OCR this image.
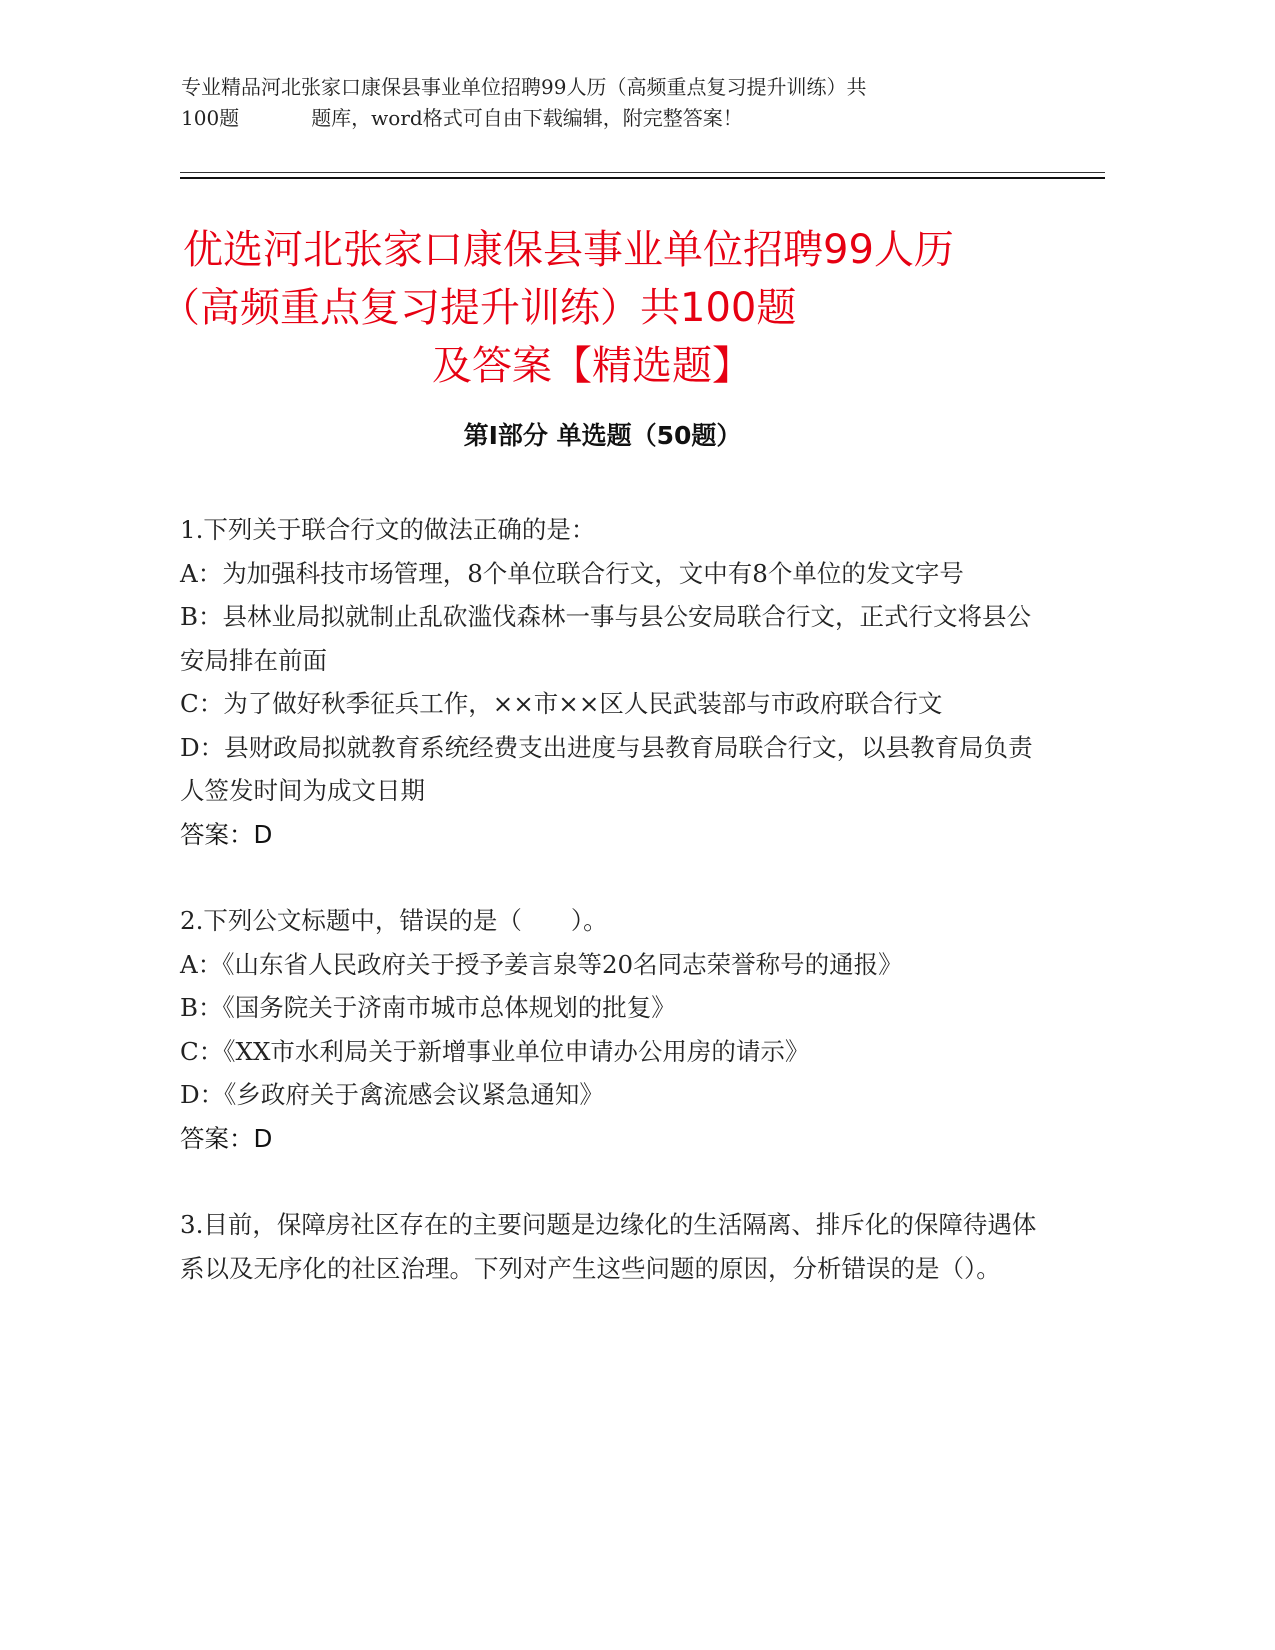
专业精品河北张家口康保县事业单位招聘99人历（高频重点复习提升训练）共
100题	题库，word格式可自由下载编辑，附完整答案！
优选河北张家口康保县事业单位招聘99人历
（高频重点复习提升训练）共100题
及答案【精选题】
第Ⅰ部分 单选题（50题）

1.下列关于联合行文的做法正确的是：

A：为加强科技市场管理，8个单位联合行文，文中有8个单位的发文字号

B：县林业局拟就制止乱砍滥伐森林一事与县公安局联合行文，正式行文将县公安局排在前面

C：为了做好秋季征兵工作，××市××区人民武装部与市政府联合行文

D：县财政局拟就教育系统经费支出进度与县教育局联合行文，以县教育局负责人签发时间为成文日期

答案：D

2.下列公文标题中，错误的是（　　）。

A：《山东省人民政府关于授予姜言泉等20名同志荣誉称号的通报》

B：《国务院关于济南市城市总体规划的批复》

C：《XX市水利局关于新增事业单位申请办公用房的请示》

D：《乡政府关于禽流感会议紧急通知》

答案：D

3.目前，保障房社区存在的主要问题是边缘化的生活隔离、排斥化的保障待遇体系以及无序化的社区治理。下列对产生这些问题的原因，分析错误的是（）。
